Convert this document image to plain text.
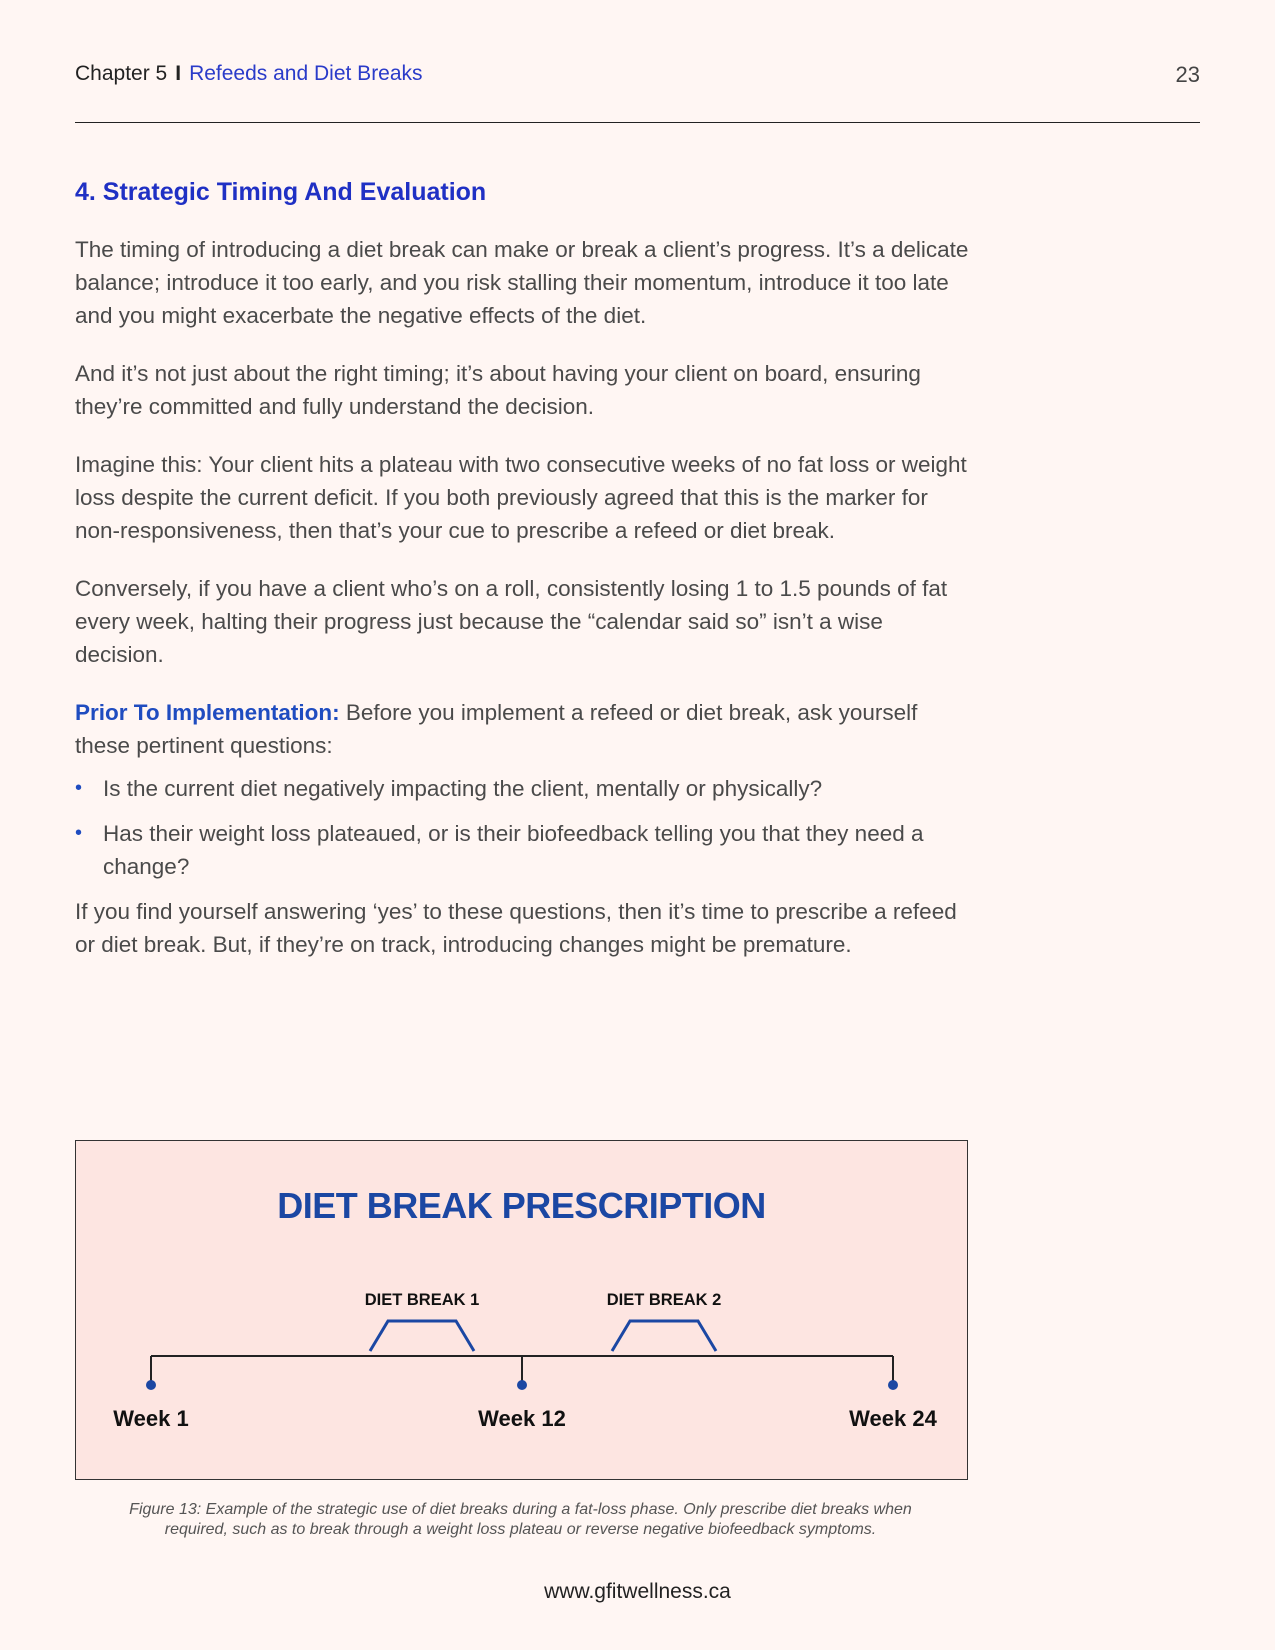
Chapter 5 I Refeeds and Diet Breaks	23
4. Strategic Timing And Evaluation

The timing of introducing a diet break can make or break a client’s progress. It’s a delicate balance; introduce it too early, and you risk stalling their momentum, introduce it too late and you might exacerbate the negative effects of the diet.

And it’s not just about the right timing; it’s about having your client on board, ensuring they’re committed and fully understand the decision.

Imagine this: Your client hits a plateau with two consecutive weeks of no fat loss or weight loss despite the current deficit. If you both previously agreed that this is the marker for non-responsiveness, then that’s your cue to prescribe a refeed or diet break.

Conversely, if you have a client who’s on a roll, consistently losing 1 to 1.5 pounds of fat every week, halting their progress just because the “calendar said so” isn’t a wise decision.

Prior To Implementation: Before you implement a refeed or diet break, ask yourself these pertinent questions:

• Is the current diet negatively impacting the client, mentally or physically?
• Has their weight loss plateaued, or is their biofeedback telling you that they need a change?

If you find yourself answering ‘yes’ to these questions, then it’s time to prescribe a refeed or diet break. But, if they’re on track, introducing changes might be premature.

DIET BREAK PRESCRIPTION
DIET BREAK 1	DIET BREAK 2
Week 1	Week 12	Week 24
Figure 13: Example of the strategic use of diet breaks during a fat-loss phase. Only prescribe diet breaks when
required, such as to break through a weight loss plateau or reverse negative biofeedback symptoms.
www.gfitwellness.ca
